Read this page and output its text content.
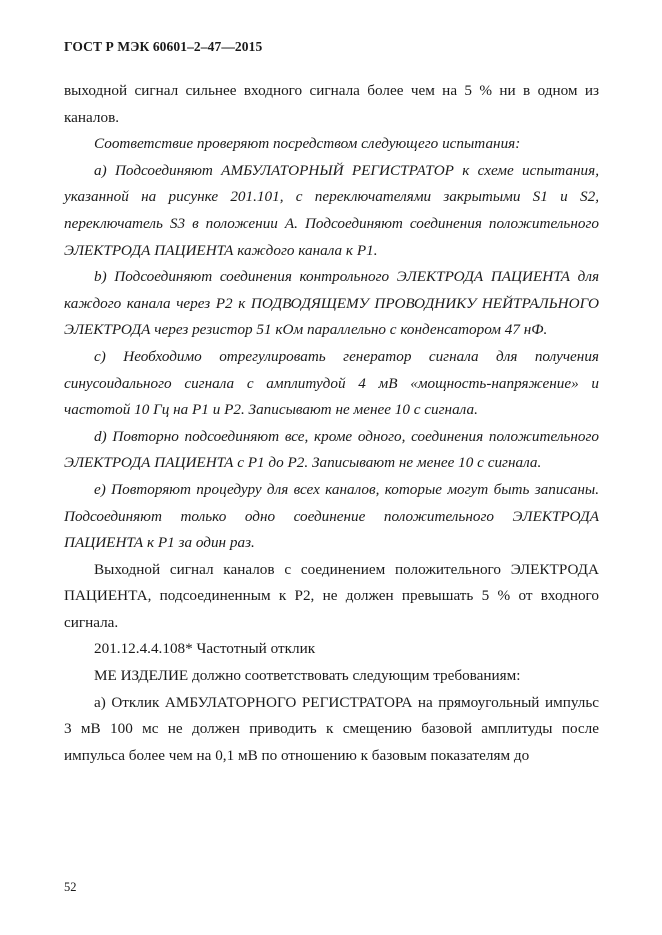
ГОСТ Р МЭК 60601–2–47—2015

выходной сигнал сильнее входного сигнала более чем на 5 % ни в одном из каналов.

Соответствие проверяют посредством следующего испытания:

a) Подсоединяют АМБУЛАТОРНЫЙ РЕГИСТРАТОР к схеме испытания, указанной на рисунке 201.101, с переключателями закрытыми S1 и S2, переключатель S3 в положении A. Подсоединяют соединения положительного ЭЛЕКТРОДА ПАЦИЕНТА каждого канала к P1.

b) Подсоединяют соединения контрольного ЭЛЕКТРОДА ПАЦИЕНТА для каждого канала через P2 к ПОДВОДЯЩЕМУ ПРОВОДНИКУ НЕЙТРАЛЬНОГО ЭЛЕКТРОДА через резистор 51 кОм параллельно с конденсатором 47 нФ.

c) Необходимо отрегулировать генератор сигнала для получения синусоидального сигнала с амплитудой 4 мВ «мощность-напряжение» и частотой 10 Гц на P1 и P2. Записывают не менее 10 с сигнала.

d) Повторно подсоединяют все, кроме одного, соединения положительного ЭЛЕКТРОДА ПАЦИЕНТА с P1 до P2. Записывают не менее 10 с сигнала.

e) Повторяют процедуру для всех каналов, которые могут быть записаны. Подсоединяют только одно соединение положительного ЭЛЕКТРОДА ПАЦИЕНТА к P1 за один раз.

Выходной сигнал каналов с соединением положительного ЭЛЕКТРОДА ПАЦИЕНТА, подсоединенным к P2, не должен превышать 5 % от входного сигнала.

201.12.4.4.108* Частотный отклик

МЕ ИЗДЕЛИЕ должно соответствовать следующим требованиям:

a) Отклик АМБУЛАТОРНОГО РЕГИСТРАТОРА на прямоугольный импульс 3 мВ 100 мс не должен приводить к смещению базовой амплитуды после импульса более чем на 0,1 мВ по отношению к базовым показателям до

52
